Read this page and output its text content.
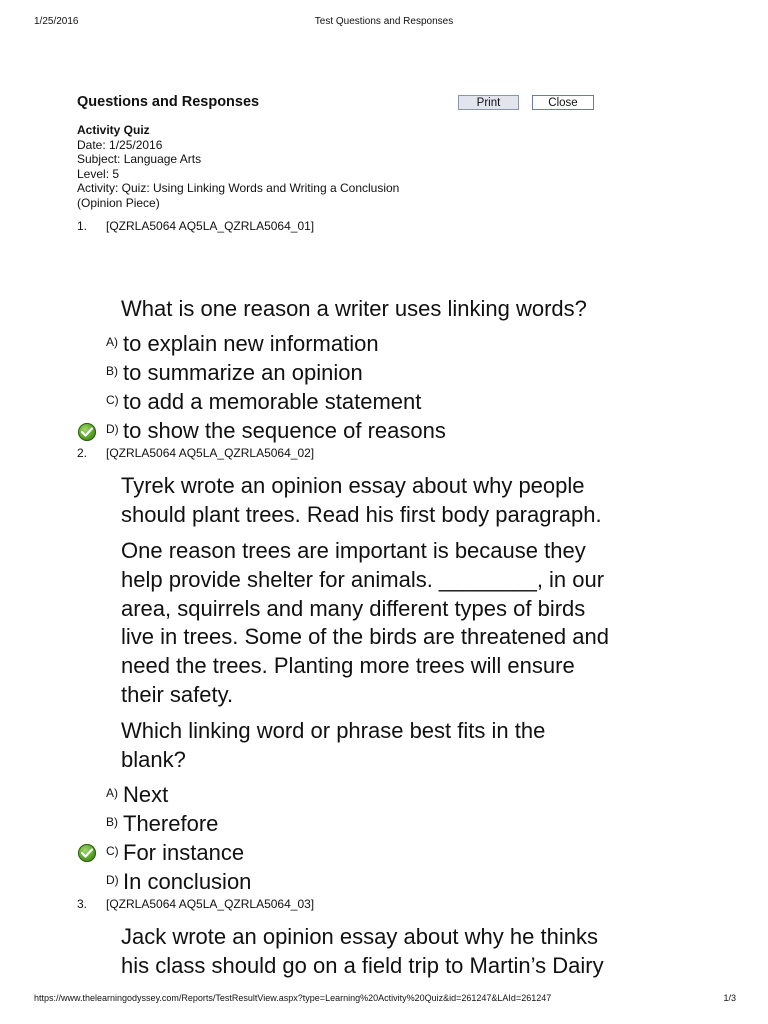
1/25/2016	Test Questions and Responses
Questions and Responses	Print	Close
Activity Quiz
Date: 1/25/2016
Subject: Language Arts
Level: 5
Activity: Quiz: Using Linking Words and Writing a Conclusion
(Opinion Piece)
1. [QZRLA5064 AQ5LA_QZRLA5064_01]
What is one reason a writer uses linking words?
A) to explain new information
B) to summarize an opinion
C) to add a memorable statement
D) to show the sequence of reasons
2. [QZRLA5064 AQ5LA_QZRLA5064_02]
Tyrek wrote an opinion essay about why people
should plant trees. Read his first body paragraph.
One reason trees are important is because they
help provide shelter for animals. ________, in our
area, squirrels and many different types of birds
live in trees. Some of the birds are threatened and
need the trees. Planting more trees will ensure
their safety.
Which linking word or phrase best fits in the
blank?
A) Next
B) Therefore
C) For instance
D) In conclusion
3. [QZRLA5064 AQ5LA_QZRLA5064_03]
Jack wrote an opinion essay about why he thinks
his class should go on a field trip to Martin’s Dairy
https://www.thelearningodyssey.com/Reports/TestResultView.aspx?type=Learning%20Activity%20Quiz&id=261247&LAId=261247	1/3
